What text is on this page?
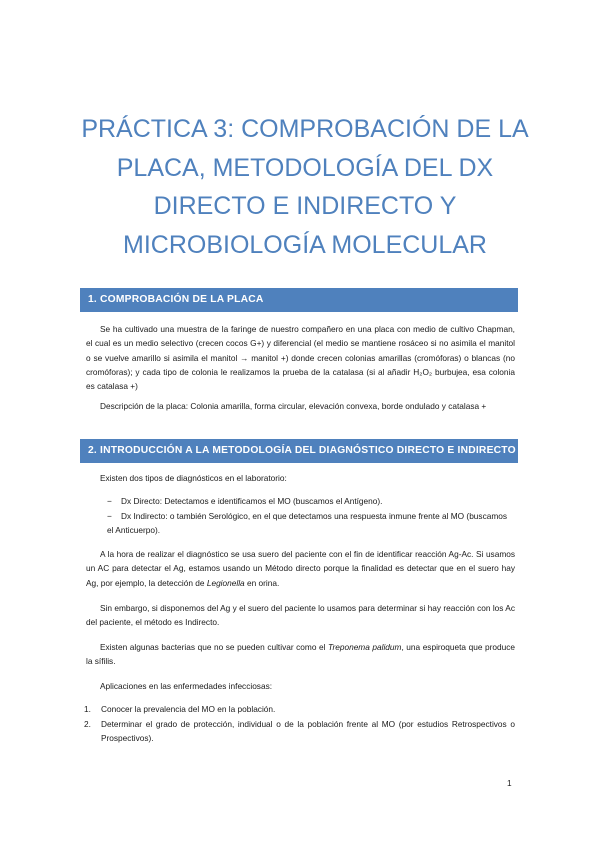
PRÁCTICA 3: COMPROBACIÓN DE LA
PLACA, METODOLOGÍA DEL DX
DIRECTO E INDIRECTO Y
MICROBIOLOGÍA MOLECULAR
1. COMPROBACIÓN DE LA PLACA
Se ha cultivado una muestra de la faringe de nuestro compañero en una placa con medio de cultivo Chapman, el cual es un medio selectivo (crecen cocos G+) y diferencial (el medio se mantiene rosáceo si no asimila el manitol o se vuelve amarillo si asimila el manitol → manitol +) donde crecen colonias amarillas (cromóforas) o blancas (no cromóforas); y cada tipo de colonia le realizamos la prueba de la catalasa (si al añadir H₂O₂ burbujea, esa colonia es catalasa +)
Descripción de la placa: Colonia amarilla, forma circular, elevación convexa, borde ondulado y catalasa +
2. INTRODUCCIÓN A LA METODOLOGÍA DEL DIAGNÓSTICO DIRECTO E INDIRECTO
Existen dos tipos de diagnósticos en el laboratorio:
− Dx Directo: Detectamos e identificamos el MO (buscamos el Antígeno).
Dx Indirecto: o también Serológico, en el que detectamos una respuesta inmune frente al MO (buscamos el Anticuerpo).
−
A la hora de realizar el diagnóstico se usa suero del paciente con el fin de identificar reacción Ag-Ac. Si usamos un AC para detectar el Ag, estamos usando un Método directo porque la finalidad es detectar que en el suero hay Ag, por ejemplo, la detección de Legionella en orina.
Sin embargo, si disponemos del Ag y el suero del paciente lo usamos para determinar si hay reacción con los Ac del paciente, el método es Indirecto.
Existen algunas bacterias que no se pueden cultivar como el Treponema palidum, una espiroqueta que produce la sífilis.
Aplicaciones en las enfermedades infecciosas:
1. Conocer la prevalencia del MO en la población.
2. Determinar el grado de protección, individual o de la población frente al MO (por estudios Retrospectivos o Prospectivos).
1
